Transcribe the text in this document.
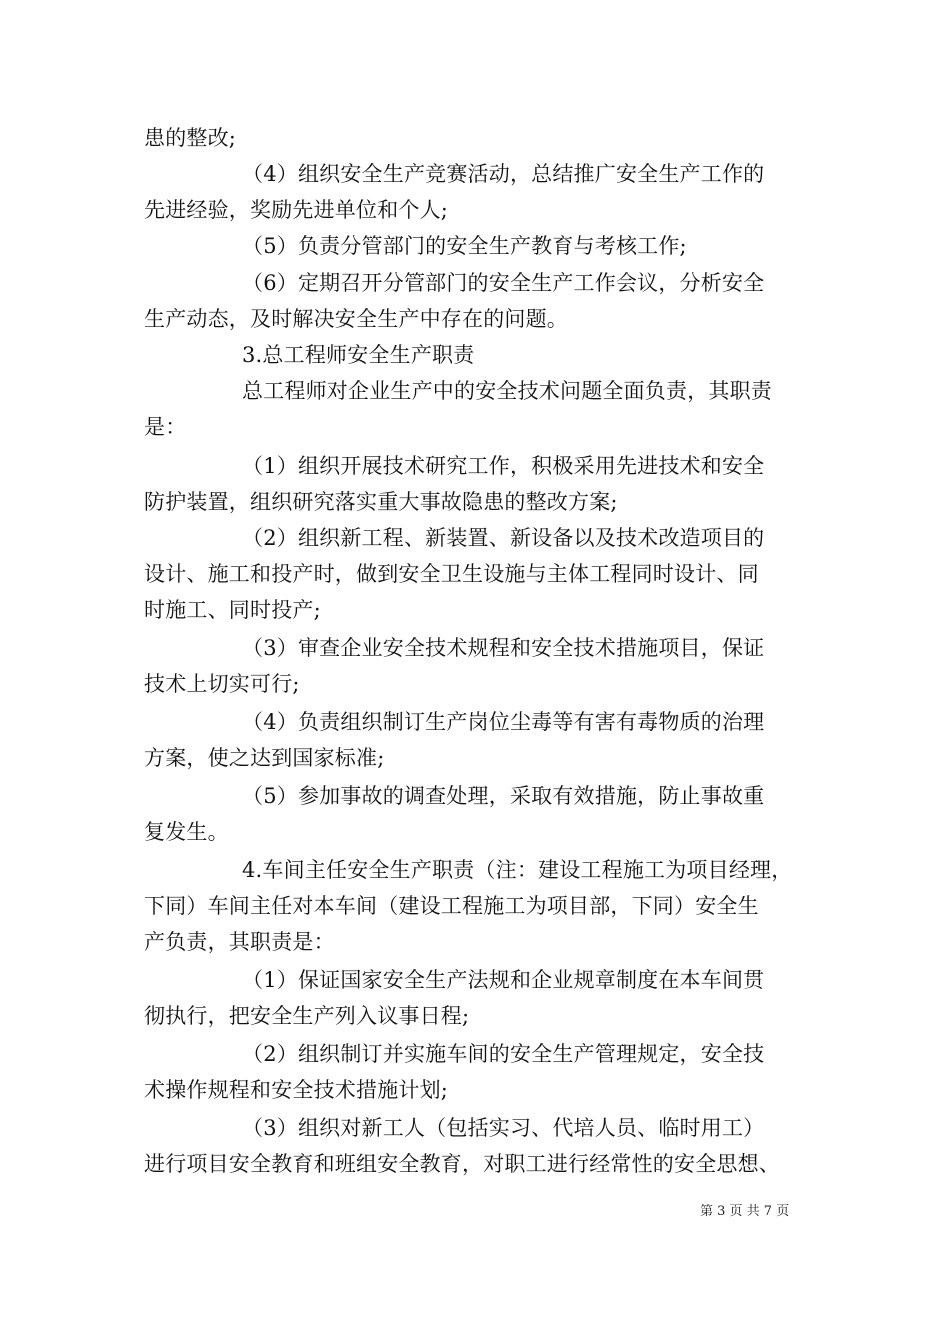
患的整改;
（4）组织安全生产竞赛活动，总结推广安全生产工作的
先进经验，奖励先进单位和个人;
（5）负责分管部门的安全生产教育与考核工作;
（6）定期召开分管部门的安全生产工作会议，分析安全
生产动态，及时解决安全生产中存在的问题。
3.总工程师安全生产职责
总工程师对企业生产中的安全技术问题全面负责，其职责
是：
（1）组织开展技术研究工作，积极采用先进技术和安全
防护装置，组织研究落实重大事故隐患的整改方案;
（2）组织新工程、新装置、新设备以及技术改造项目的
设计、施工和投产时，做到安全卫生设施与主体工程同时设计、同
时施工、同时投产;
（3）审查企业安全技术规程和安全技术措施项目，保证
技术上切实可行;
（4）负责组织制订生产岗位尘毒等有害有毒物质的治理
方案，使之达到国家标准;
（5）参加事故的调查处理，采取有效措施，防止事故重
复发生。
4.车间主任安全生产职责（注：建设工程施工为项目经理，
下同）车间主任对本车间（建设工程施工为项目部，下同）安全生
产负责，其职责是：
（1）保证国家安全生产法规和企业规章制度在本车间贯
彻执行，把安全生产列入议事日程;
（2）组织制订并实施车间的安全生产管理规定，安全技
术操作规程和安全技术措施计划;
（3）组织对新工人（包括实习、代培人员、临时用工）
进行项目安全教育和班组安全教育，对职工进行经常性的安全思想、
第 3 页 共 7 页
